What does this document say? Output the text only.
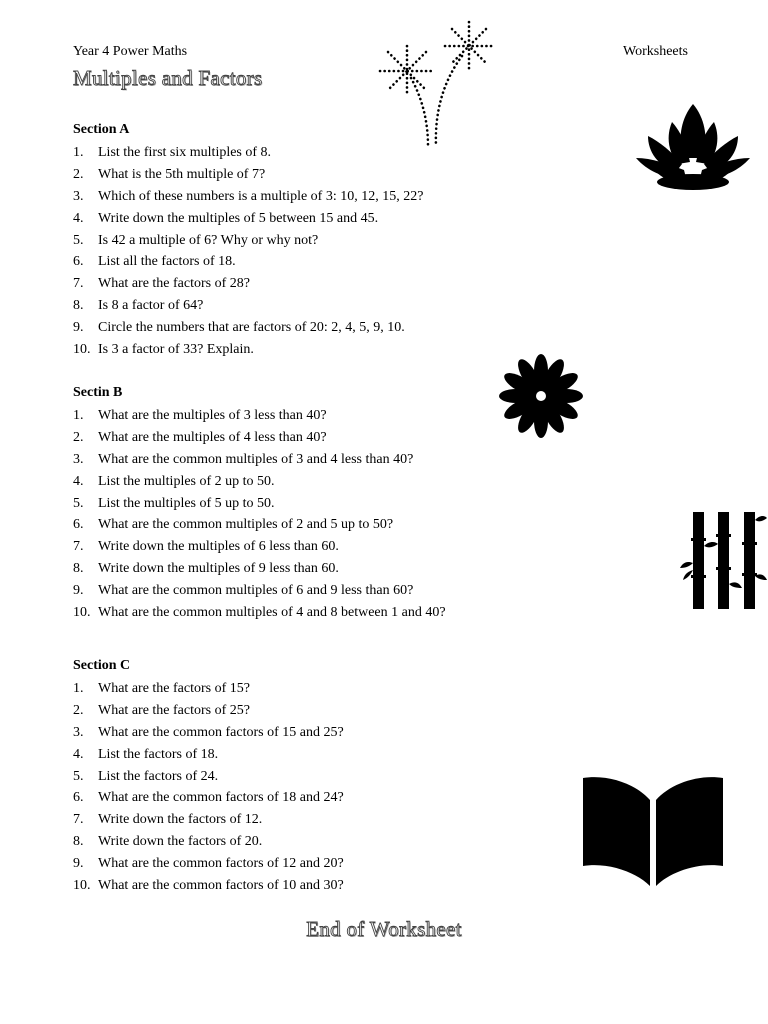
Year 4 Power Maths	Worksheets
Multiples and Factors
Section A
1. List the first six multiples of 8.
2. What is the 5th multiple of 7?
3. Which of these numbers is a multiple of 3: 10, 12, 15, 22?
4. Write down the multiples of 5 between 15 and 45.
5. Is 42 a multiple of 6? Why or why not?
6. List all the factors of 18.
7. What are the factors of 28?
8. Is 8 a factor of 64?
9. Circle the numbers that are factors of 20: 2, 4, 5, 9, 10.
10. Is 3 a factor of 33? Explain.
Sectin B
1. What are the multiples of 3 less than 40?
2. What are the multiples of 4 less than 40?
3. What are the common multiples of 3 and 4 less than 40?
4. List the multiples of 2 up to 50.
5. List the multiples of 5 up to 50.
6. What are the common multiples of 2 and 5 up to 50?
7. Write down the multiples of 6 less than 60.
8. Write down the multiples of 9 less than 60.
9. What are the common multiples of 6 and 9 less than 60?
10. What are the common multiples of 4 and 8 between 1 and 40?
Section C
1. What are the factors of 15?
2. What are the factors of 25?
3. What are the common factors of 15 and 25?
4. List the factors of 18.
5. List the factors of 24.
6. What are the common factors of 18 and 24?
7. Write down the factors of 12.
8. Write down the factors of 20.
9. What are the common factors of 12 and 20?
10. What are the common factors of 10 and 30?
End of Worksheet
